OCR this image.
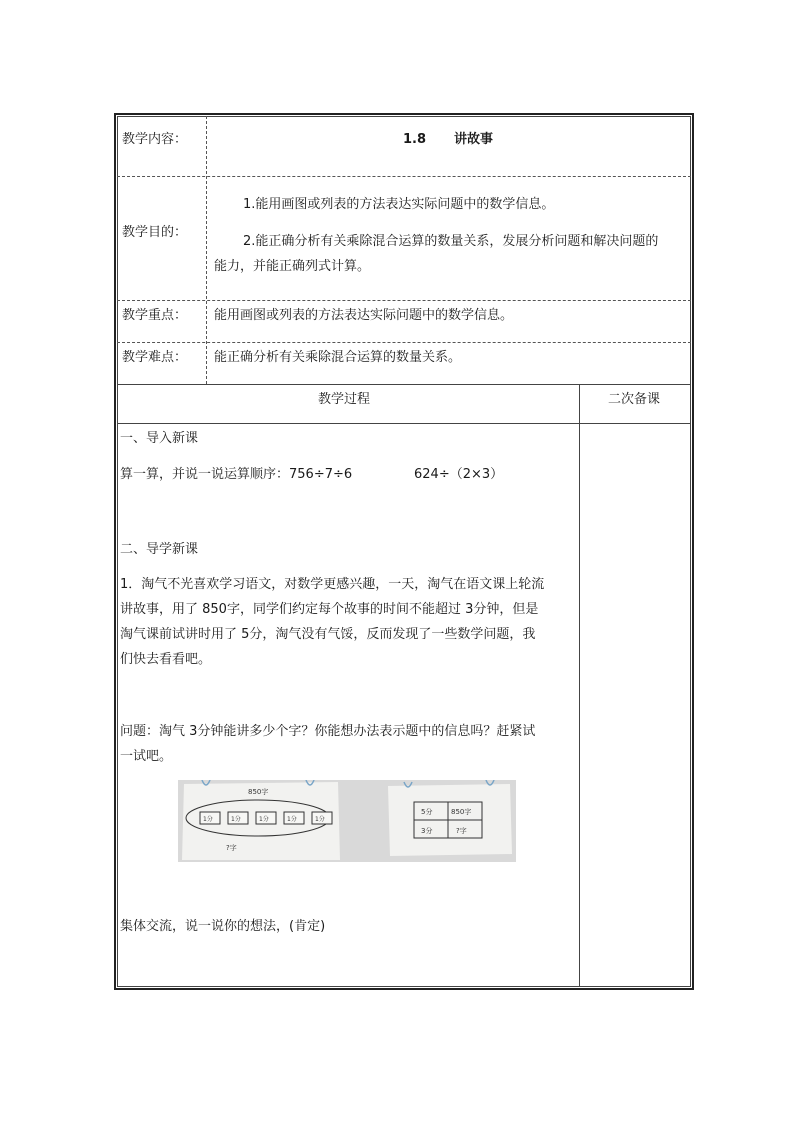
教学内容：	1.8 讲故事
教学目的：
1.能用画图或列表的方法表达实际问题中的数学信息。
2.能正确分析有关乘除混合运算的数量关系，发展分析问题和解决问题的
能力，并能正确列式计算。
教学重点： 能用画图或列表的方法表达实际问题中的数学信息。
教学难点： 能正确分析有关乘除混合运算的数量关系。
教学过程	二次备课
一、导入新课
算一算，并说一说运算顺序：756÷7÷6	624÷（2×3）
二、导学新课
1．淘气不光喜欢学习语文，对数学更感兴趣，一天，淘气在语文课上轮流
讲故事，用了 850字，同学们约定每个故事的时间不能超过 3分钟，但是
淘气课前试讲时用了 5分，淘气没有气馁，反而发现了一些数学问题，我
们快去看看吧。
问题：淘气 3分钟能讲多少个字？你能想办法表示题中的信息吗？赶紧试
一试吧。
850字
1分	1分	1分	1分	1分
?字
5分	850字
3分	?字
集体交流，说一说你的想法，(肯定)
